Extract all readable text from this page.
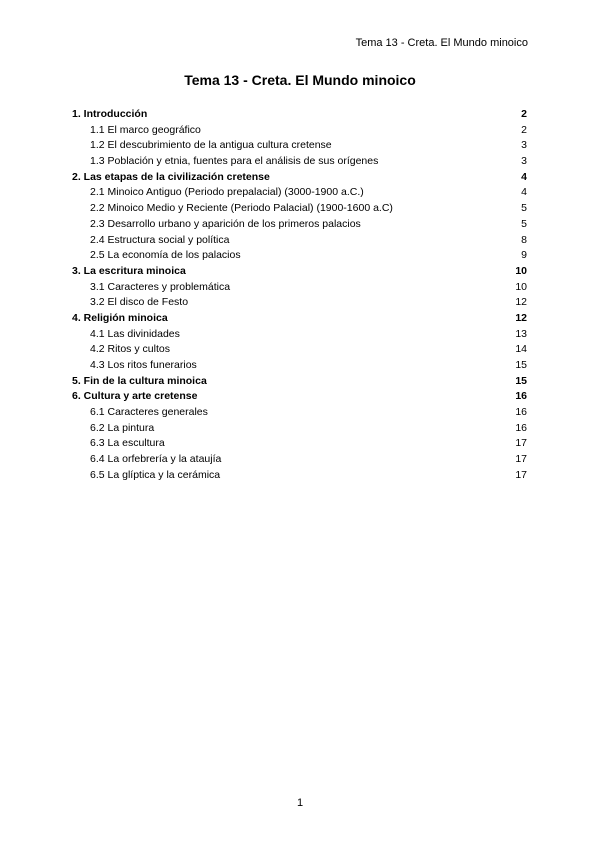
Tema 13 - Creta. El Mundo minoico
Tema 13 - Creta. El Mundo minoico
1. Introducción	2
1.1 El marco geográfico	2
1.2 El descubrimiento de la antigua cultura cretense	3
1.3 Población y etnia, fuentes para el análisis de sus orígenes	3
2. Las etapas de la civilización cretense	4
2.1 Minoico Antiguo (Periodo prepalacial) (3000-1900 a.C.)	4
2.2 Minoico Medio y Reciente (Periodo Palacial) (1900-1600 a.C)	5
2.3 Desarrollo urbano y aparición de los primeros palacios	5
2.4 Estructura social y política	8
2.5 La economía de los palacios	9
3. La escritura minoica	10
3.1 Caracteres y problemática	10
3.2 El disco de Festo	12
4. Religión minoica	12
4.1 Las divinidades	13
4.2 Ritos y cultos	14
4.3 Los ritos funerarios	15
5. Fin de la cultura minoica	15
6. Cultura y arte cretense	16
6.1 Caracteres generales	16
6.2 La pintura	16
6.3 La escultura	17
6.4 La orfebrería y la ataujía	17
6.5 La glíptica y la cerámica	17
1
